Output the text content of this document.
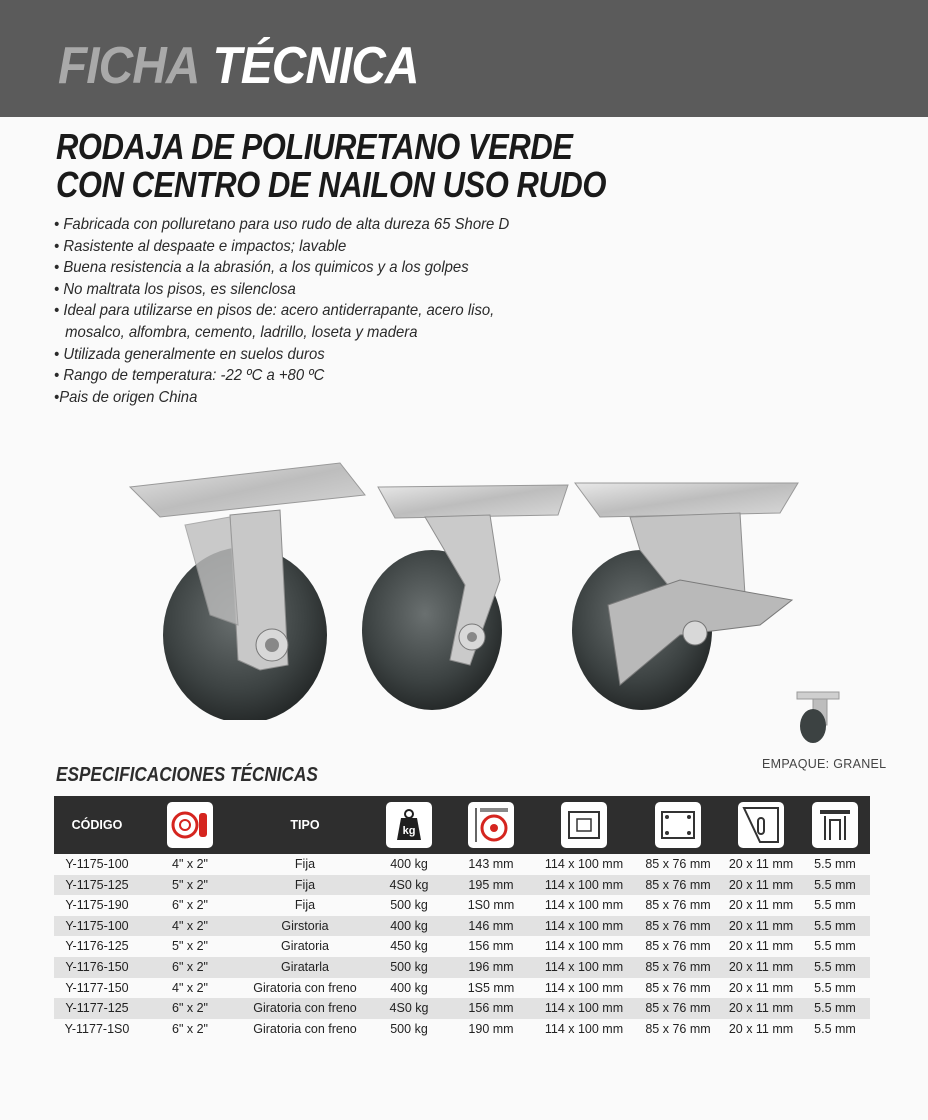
FICHA TÉCNICA
RODAJA DE POLIURETANO VERDE
CON CENTRO DE NAILON USO RUDO
• Fabricada con polluretano para uso rudo de alta dureza 65 Shore D
• Rasistente al despaate e impactos; lavable
• Buena resistencia a la abrasión, a los quimicos y a los golpes
• No maltrata los pisos, es silenclosa
• Ideal para utilizarse en pisos de: acero antiderrapante, acero liso,
mosalco, alfombra, cemento, ladrillo, loseta y madera
• Utilizada generalmente en suelos duros
• Rango de temperatura: -22 ºC a +80 ºC
•Pais de origen China
EMPAQUE: GRANEL
ESPECIFICACIONES TÉCNICAS
CÓDIGO		TIPO	kg

Y-1175-100	4" x 2"	Fija	400 kg	143 mm	114 x 100 mm	85 x 76 mm	20 x 11 mm	5.5 mm
Y-1175-125	5" x 2"	Fija	4S0 kg	195 mm	114 x 100 mm	85 x 76 mm	20 x 11 mm	5.5 mm
Y-1175-190	6" x 2"	Fija	500 kg	1S0 mm	114 x 100 mm	85 x 76 mm	20 x 11 mm	5.5 mm
Y-1175-100	4" x 2"	Girstoria	400 kg	146 mm	114 x 100 mm	85 x 76 mm	20 x 11 mm	5.5 mm
Y-1176-125	5" x 2"	Giratoria	450 kg	156 mm	114 x 100 mm	85 x 76 mm	20 x 11 mm	5.5 mm
Y-1176-150	6" x 2"	Giratarla	500 kg	196 mm	114 x 100 mm	85 x 76 mm	20 x 11 mm	5.5 mm
Y-1177-150	4" x 2"	Giratoria con freno	400 kg	1S5 mm	114 x 100 mm	85 x 76 mm	20 x 11 mm	5.5 mm
Y-1177-125	6" x 2"	Giratoria con freno	4S0 kg	156 mm	114 x 100 mm	85 x 76 mm	20 x 11 mm	5.5 mm
Y-1177-1S0	6" x 2"	Giratoria con freno	500 kg	190 mm	114 x 100 mm	85 x 76 mm	20 x 11 mm	5.5 mm
